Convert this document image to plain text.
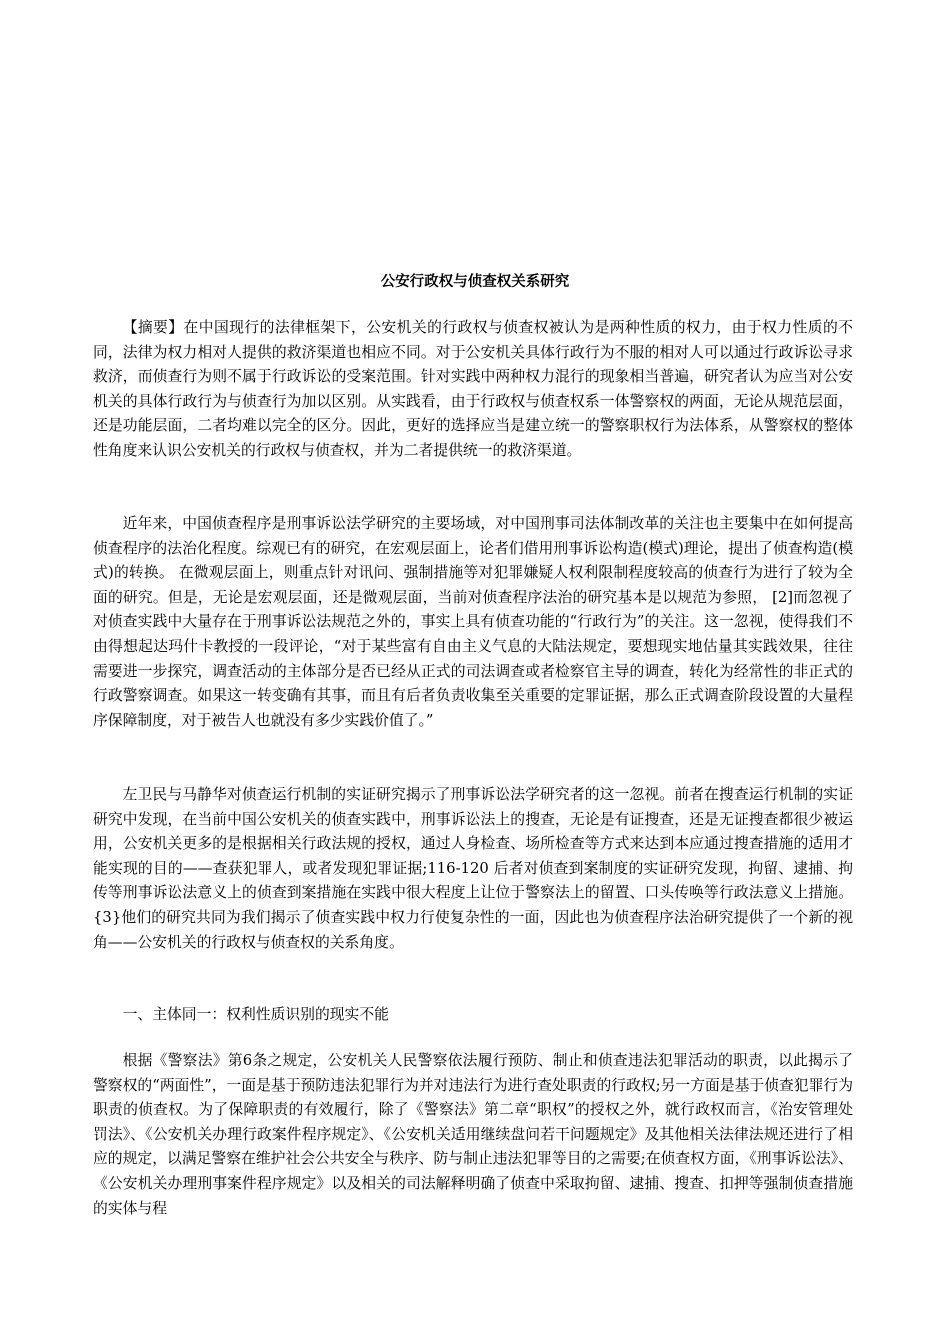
公安行政权与侦查权关系研究

【摘要】在中国现行的法律框架下，公安机关的行政权与侦查权被认为是两种性质的权力，由于权力性质的不同，法律为权力相对人提供的救济渠道也相应不同。对于公安机关具体行政行为不服的相对人可以通过行政诉讼寻求救济，而侦查行为则不属于行政诉讼的受案范围。针对实践中两种权力混行的现象相当普遍，研究者认为应当对公安机关的具体行政行为与侦查行为加以区别。从实践看，由于行政权与侦查权系一体警察权的两面，无论从规范层面，还是功能层面，二者均难以完全的区分。因此，更好的选择应当是建立统一的警察职权行为法体系，从警察权的整体性角度来认识公安机关的行政权与侦查权，并为二者提供统一的救济渠道。

近年来，中国侦查程序是刑事诉讼法学研究的主要场域，对中国刑事司法体制改革的关注也主要集中在如何提高侦查程序的法治化程度。综观已有的研究，在宏观层面上，论者们借用刑事诉讼构造(模式)理论，提出了侦查构造(模式)的转换。 在微观层面上，则重点针对讯问、强制措施等对犯罪嫌疑人权利限制程度较高的侦查行为进行了较为全面的研究。但是，无论是宏观层面，还是微观层面，当前对侦查程序法治的研究基本是以规范为参照， [2]而忽视了对侦查实践中大量存在于刑事诉讼法规范之外的，事实上具有侦查功能的“行政行为”的关注。这一忽视，使得我们不由得想起达玛什卡教授的一段评论，“对于某些富有自由主义气息的大陆法规定，要想现实地估量其实践效果，往往需要进一步探究，调查活动的主体部分是否已经从正式的司法调查或者检察官主导的调查，转化为经常性的非正式的行政警察调查。如果这一转变确有其事，而且有后者负责收集至关重要的定罪证据，那么正式调查阶段设置的大量程序保障制度，对于被告人也就没有多少实践价值了。”

左卫民与马静华对侦查运行机制的实证研究揭示了刑事诉讼法学研究者的这一忽视。前者在搜查运行机制的实证研究中发现，在当前中国公安机关的侦查实践中，刑事诉讼法上的搜查，无论是有证搜查，还是无证搜查都很少被运用，公安机关更多的是根据相关行政法规的授权，通过人身检查、场所检查等方式来达到本应通过搜查措施的适用才能实现的目的——查获犯罪人，或者发现犯罪证据;116-120 后者对侦查到案制度的实证研究发现，拘留、逮捕、拘传等刑事诉讼法意义上的侦查到案措施在实践中很大程度上让位于警察法上的留置、口头传唤等行政法意义上措施。{3}他们的研究共同为我们揭示了侦查实践中权力行使复杂性的一面，因此也为侦查程序法治研究提供了一个新的视角——公安机关的行政权与侦查权的关系角度。

一、主体同一：权利性质识别的现实不能

根据《警察法》第6条之规定，公安机关人民警察依法履行预防、制止和侦查违法犯罪活动的职责，以此揭示了警察权的“两面性”，一面是基于预防违法犯罪行为并对违法行为进行查处职责的行政权;另一方面是基于侦查犯罪行为职责的侦查权。为了保障职责的有效履行，除了《警察法》第二章“职权”的授权之外，就行政权而言，《治安管理处罚法》、《公安机关办理行政案件程序规定》、《公安机关适用继续盘问若干问题规定》及其他相关法律法规还进行了相应的规定，以满足警察在维护社会公共安全与秩序、防与制止违法犯罪等目的之需要;在侦查权方面，《刑事诉讼法》、《公安机关办理刑事案件程序规定》以及相关的司法解释明确了侦查中采取拘留、逮捕、搜查、扣押等强制侦查措施的实体与程
